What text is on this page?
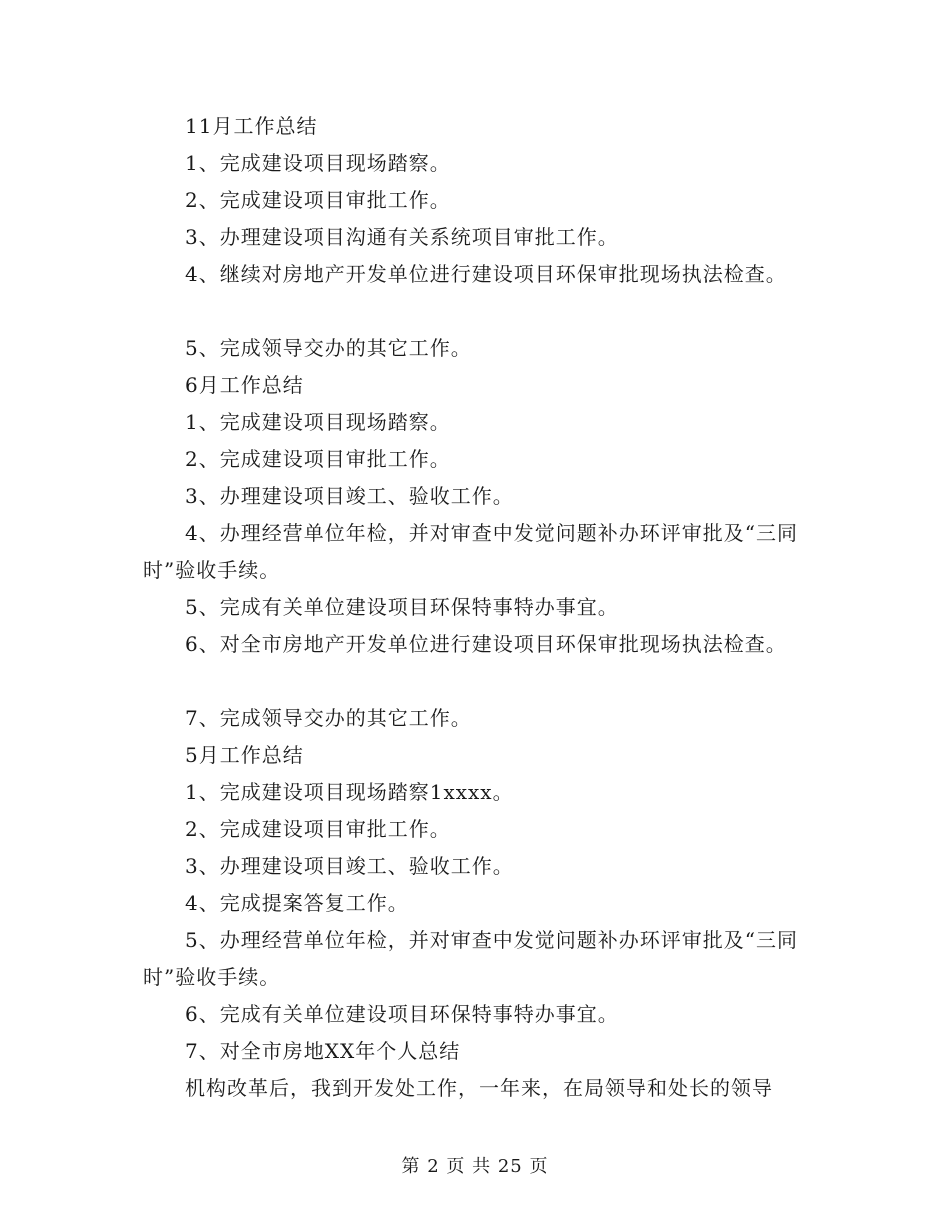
11月工作总结

1、完成建设项目现场踏察。

2、完成建设项目审批工作。

3、办理建设项目沟通有关系统项目审批工作。

4、继续对房地产开发单位进行建设项目环保审批现场执法检查。

5、完成领导交办的其它工作。

6月工作总结

1、完成建设项目现场踏察。

2、完成建设项目审批工作。

3、办理建设项目竣工、验收工作。

4、办理经营单位年检，并对审查中发觉问题补办环评审批及“三同时”验收手续。

5、完成有关单位建设项目环保特事特办事宜。

6、对全市房地产开发单位进行建设项目环保审批现场执法检查。

7、完成领导交办的其它工作。

5月工作总结

1、完成建设项目现场踏察1xxxx。

2、完成建设项目审批工作。

3、办理建设项目竣工、验收工作。

4、完成提案答复工作。

5、办理经营单位年检，并对审查中发觉问题补办环评审批及“三同时”验收手续。

6、完成有关单位建设项目环保特事特办事宜。

7、对全市房地XX年个人总结

机构改革后，我到开发处工作，一年来，在局领导和处长的领导

第 2 页 共 25 页
